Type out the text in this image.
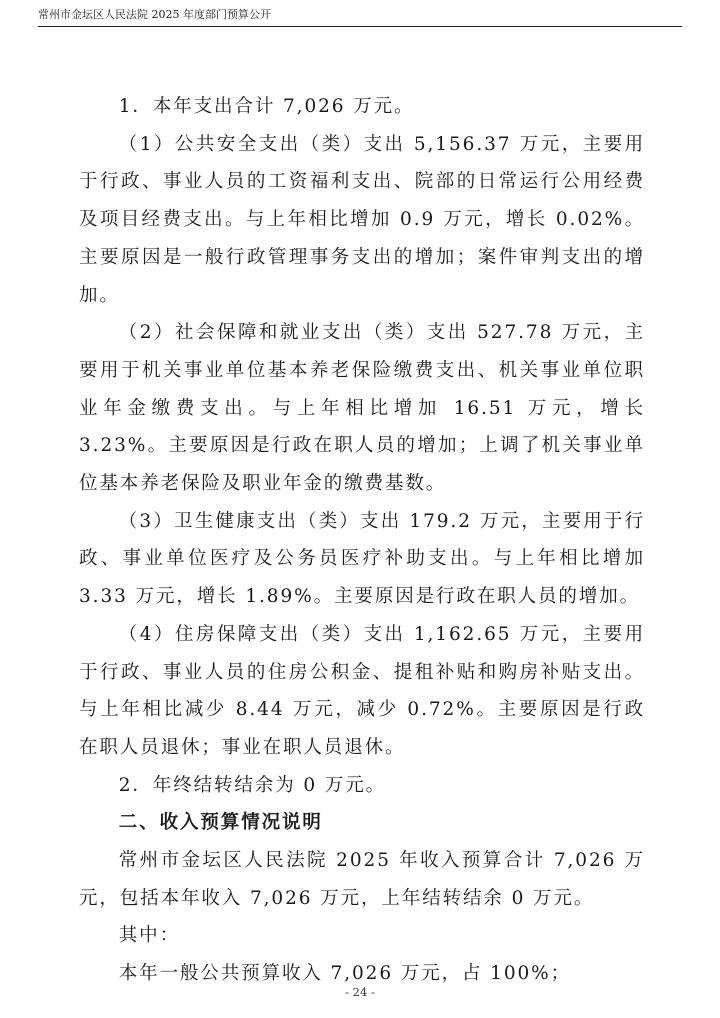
常州市金坛区人民法院 2025 年度部门预算公开

1．本年支出合计 7,026 万元。

（1）公共安全支出（类）支出 5,156.37 万元，主要用于行政、事业人员的工资福利支出、院部的日常运行公用经费及项目经费支出。与上年相比增加 0.9 万元，增长 0.02%。主要原因是一般行政管理事务支出的增加；案件审判支出的增加。

（2）社会保障和就业支出（类）支出 527.78 万元，主要用于机关事业单位基本养老保险缴费支出、机关事业单位职业年金缴费支出。与上年相比增加 16.51 万元，增长 3.23%。主要原因是行政在职人员的增加；上调了机关事业单位基本养老保险及职业年金的缴费基数。

（3）卫生健康支出（类）支出 179.2 万元，主要用于行政、事业单位医疗及公务员医疗补助支出。与上年相比增加 3.33 万元，增长 1.89%。主要原因是行政在职人员的增加。

（4）住房保障支出（类）支出 1,162.65 万元，主要用于行政、事业人员的住房公积金、提租补贴和购房补贴支出。与上年相比减少 8.44 万元，减少 0.72%。主要原因是行政在职人员退休；事业在职人员退休。

2．年终结转结余为 0 万元。

二、收入预算情况说明

常州市金坛区人民法院 2025 年收入预算合计 7,026 万元，包括本年收入 7,026 万元，上年结转结余 0 万元。

其中：

本年一般公共预算收入 7,026 万元，占 100%；

- 24 -
